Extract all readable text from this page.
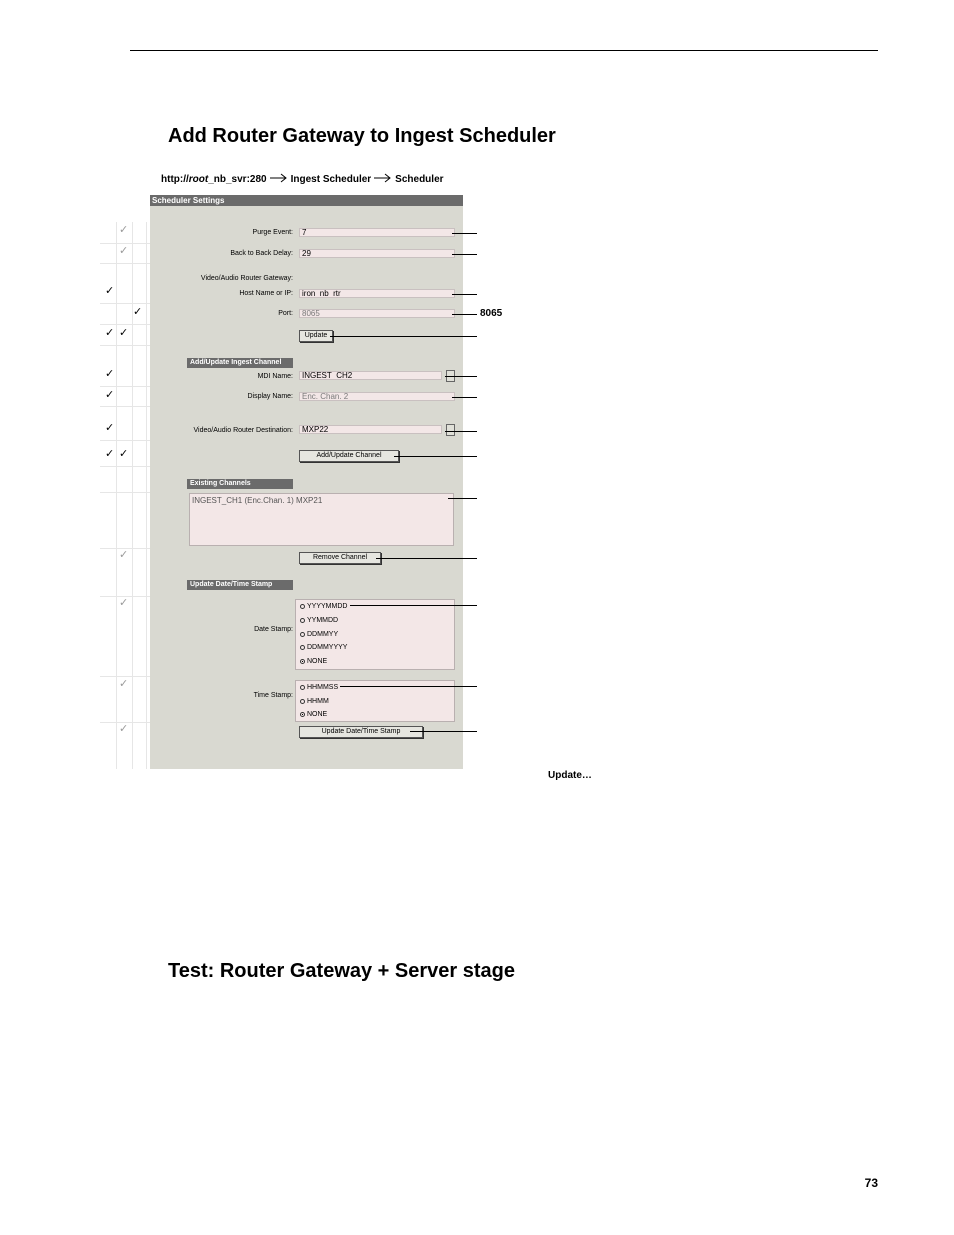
Add Router Gateway to Ingest Scheduler
http://root_nb_svr:280 Ingest Scheduler Scheduler
✓
✓
✓
✓
✓ ✓
✓
✓
✓
✓ ✓
✓
✓
✓
✓
Scheduler Settings
Purge Event:	7
Back to Back Delay:	29
Video/Audio Router Gateway:
Host Name or IP:	iron_nb_rtr
Port:	8065
Update
Add/Update Ingest Channel
MDI Name:	INGEST_CH2
Display Name:	Enc. Chan. 2
Video/Audio Router Destination:	MXP22
Add/Update Channel
Existing Channels
INGEST_CH1 (Enc.Chan. 1) MXP21
Remove Channel
Update Date/Time Stamp
Date Stamp:
YYYYMMDD
YYMMDD
DDMMYY
DDMMYYYY
NONE
Time Stamp:
HHMMSS
HHMM
NONE
Update Date/Time Stamp
8065
Update…
Test: Router Gateway + Server stage
73
